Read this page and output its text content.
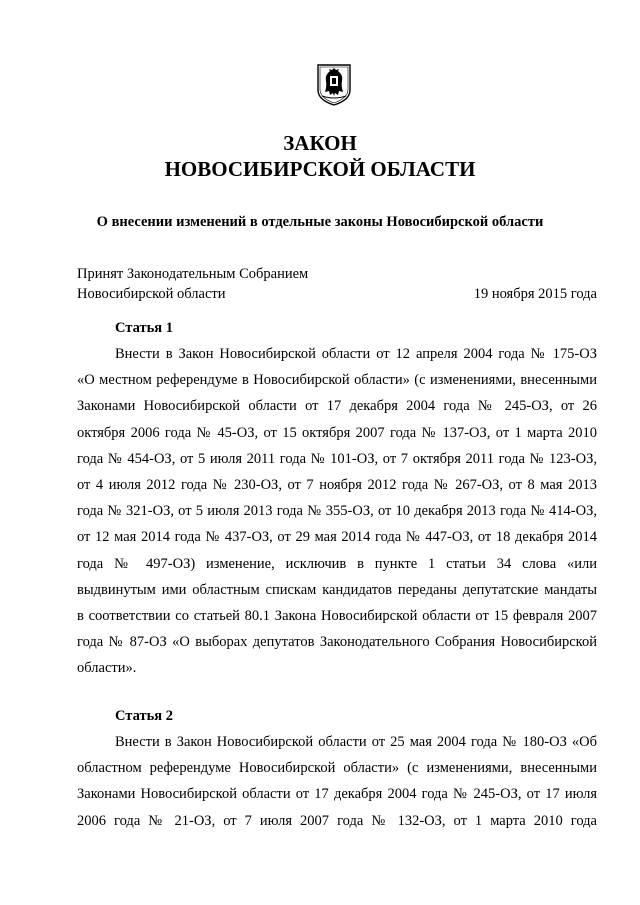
ЗАКОН
НОВОСИБИРСКОЙ ОБЛАСТИ
О внесении изменений в отдельные законы Новосибирской области
Принят Законодательным Собранием
Новосибирской области	19 ноября 2015 года
Статья 1
Внести в Закон Новосибирской области от 12 апреля 2004 года № 175-ОЗ
«О местном референдуме в Новосибирской области» (с изменениями, внесенными
Законами Новосибирской области от 17 декабря 2004 года № 245-ОЗ, от 26
октября 2006 года № 45-ОЗ, от 15 октября 2007 года № 137-ОЗ, от 1 марта 2010
года № 454-ОЗ, от 5 июля 2011 года № 101-ОЗ, от 7 октября 2011 года № 123-ОЗ,
от 4 июля 2012 года № 230-ОЗ, от 7 ноября 2012 года № 267-ОЗ, от 8 мая 2013
года № 321-ОЗ, от 5 июля 2013 года № 355-ОЗ, от 10 декабря 2013 года № 414-ОЗ,
от 12 мая 2014 года № 437-ОЗ, от 29 мая 2014 года № 447-ОЗ, от 18 декабря 2014
года № 497-ОЗ) изменение, исключив в пункте 1 статьи 34 слова «или
выдвинутым ими областным спискам кандидатов переданы депутатские мандаты
в соответствии со статьей 80.1 Закона Новосибирской области от 15 февраля 2007
года № 87-ОЗ «О выборах депутатов Законодательного Собрания Новосибирской
области».
Статья 2
Внести в Закон Новосибирской области от 25 мая 2004 года № 180-ОЗ «Об
областном референдуме Новосибирской области» (с изменениями, внесенными
Законами Новосибирской области от 17 декабря 2004 года № 245-ОЗ, от 17 июля
2006 года № 21-ОЗ, от 7 июля 2007 года № 132-ОЗ, от 1 марта 2010 года
